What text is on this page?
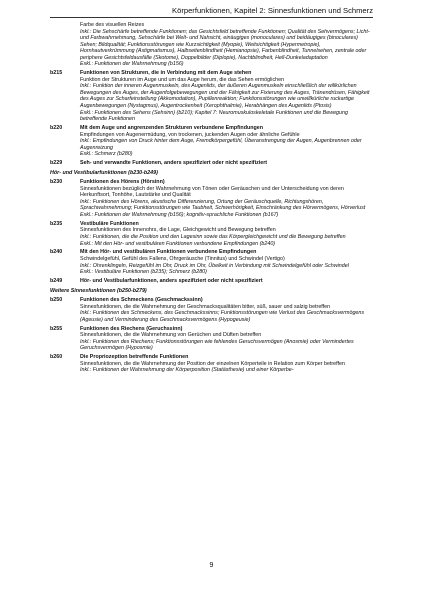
Körperfunktionen, Kapitel 2: Sinnesfunktionen und Schmerz
Farbe des visuellen Reizes
Inkl.: Die Sehschärfe betreffende Funktionen; das Gesichtsfeld betreffende Funktionen; Qualität des Sehvermögens; Licht- und Farbwahrnehmung, Sehschärfe bei Welt- und Nahsicht, einäugiges (monoculares) und beidäugiges (binoculares) Sehen; Bildqualität; Funktionsstörungen wie Kurzsichtigkeit (Myopie), Weitsichtigkeit (Hypermetropie), Hornhautverkrümmung (Astigmatismus), Halbseitenblindheit (Hemianopsie), Farbenblindheit, Tunnelsehen, zentrale oder periphere Gesichtsfeldausfälle (Skotome), Doppelbilder (Diplopie), Nachtblindheit, Hell-Dunkeladaptation
Exkl.: Funktionen der Wahrnehmung (b156)
b215	Funktionen von Strukturen, die in Verbindung mit dem Auge stehen
Funktion der Strukturen im Auge und um das Auge herum, die das Sehen ermöglichen
Inkl.: Funktion der inneren Augenmuskeln, des Augenlids, der äußeren Augenmuskeln einschließlich der willkürlichen Bewegungen des Auges, der Augenfolgebewegungen und der Fähigkeit zur Fixierung des Auges, Tränendrüsen, Fähigkeit des Auges zur Scharfeinstellung (Akkomodation), Pupillenreaktion; Funktionsstörungen wie unwillkürliche ruckartige Augenbewegungen (Nystagmus), Augentrockenheit (Xerophthalmie), Herabhängen des Augenlids (Ptosis)
Exkl.: Funktionen des Sehens (Sehsinn) (b210); Kapitel 7: Neuromuskuloskeletale Funktionen und die Bewegung betreffende Funktionen
b220	Mit dem Auge und angrenzenden Strukturen verbundene Empfindungen
Empfindungen von Augenermüdung, von trockenen, juckenden Augen oder ähnliche Gefühle
Inkl.: Empfindungen von Druck hinter dem Auge, Fremdkörpergefühl, Überanstrengung der Augen, Augenbrennen oder Augenreizung
Exkl.: Schmerz (b280)
b229	Seh- und verwandte Funktionen, anders spezifiziert oder nicht spezifiziert
Hör- und Vestibularfunktionen (b230-b249)
b230	Funktionen des Hörens (Hörsinn)
Sinnesfunktionen bezüglich der Wahrnehmung von Tönen oder Geräuschen und der Unterscheidung von deren Herkunftsort, Tonhöhe, Lautstärke und Qualität
Inkl.: Funktionen des Hörens, akustische Differenzierung, Ortung der Geräuschquelle, Richtungshören, Sprachwahrnehmung; Funktionsstörungen wie Taubheit, Schwerhörigkeit, Einschränkung des Hörvermögens, Hörverlust
Exkl.: Funktionen der Wahrnehmung (b156); kognitiv-sprachliche Funktionen (b167)
b235	Vestibuläre Funktionen
Sinnesfunktionen des Innenohrs, die Lage, Gleichgewicht und Bewegung betreffen
Inkl.: Funktionen, die die Position und den Lagesinn sowie das Körpergleichgewicht und die Bewegung betreffen
Exkl.: Mit den Hör- und vestibulären Funktionen verbundene Empfindungen (b240)
b240	Mit den Hör- und vestibulären Funktionen verbundene Empfindungen
Schwindelgefühl, Gefühl des Fallens, Ohrgeräusche (Tinnitus) und Schwindel (Vertigo)
Inkl.: Ohrenklingeln, Reizgefühl im Ohr, Druck im Ohr, Übelkeit in Verbindung mit Schwindelgefühl oder Schwindel
Exkl.: Vestibuläre Funktionen (b235); Schmerz (b280)
b249	Hör- und Vestibularfunktionen, anders spezifiziert oder nicht spezifiziert
Weitere Sinnesfunktionen (b250-b279)
b250	Funktionen des Schmeckens (Geschmackssinn)
Sinnesfunktionen, die die Wahrnehmung der Geschmacksqualitäten bitter, süß, sauer und salzig betreffen
Inkl.: Funktionen des Schmeckens, des Geschmackssinns; Funktionsstörungen wie Verlust des Geschmacksvermögens (Ageusie) und Verminderung des Geschmacksvermögens (Hypogeusie)
b255	Funktionen des Riechens (Geruchssinn)
Sinnesfunktionen, die die Wahrnehmung von Gerüchen und Düften betreffen
Inkl.: Funktionen des Riechens; Funktionsstörungen wie fehlendes Geruchsvermögen (Anosmie) oder Vermindertes Geruchsvermögen (Hyposmie)
b260	Die Propriozeption betreffende Funktionen
Sinnesfunktionen, die die Wahrnehmung der Position der einzelnen Körperteile in Relation zum Körper betreffen
Inkl.: Funktionen der Wahrnehmung der Körperposition (Statästhesie) und einer Körperbe-
9
